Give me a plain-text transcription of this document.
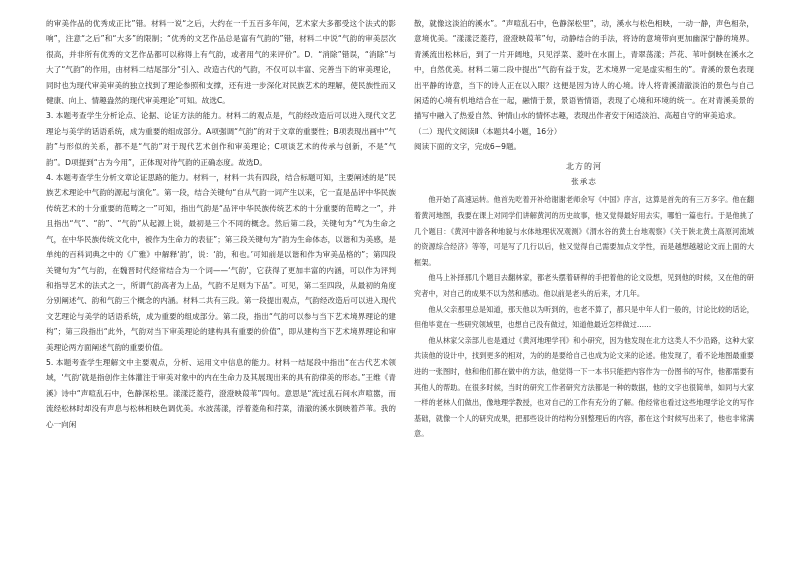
的审美作品的优秀成正比”错。材料一说“之后，大约在一千五百多年间，艺术家大多都受这个法式的影响”，注意“之后”和“大多”的限制；“优秀的文艺作品总是富有气韵的”错，材料二中说“气韵的审美层次很高，并非所有优秀的文艺作品都可以称得上有气韵，或者用气的来评价”。D．“消除”错误，“消除”与大了“气韵”的作用，由材料二结尾部分“引入、改造古代的气韵，不仅可以丰富、完善当下的审美理论，同时也为现代审美审美的独立找到了理论参照和支撑，还有进一步深化对民族艺术的理解，使民族性而又健康、向上、情趣盎然的现代审美理论”可知。故选C。

3. 本题考查学生分析论点、论据、论证方法的能力。材料二的观点是，气韵经改造后可以进入现代文艺理论与美学的话语系统，成为重要的组成部分。A项强调“气韵”的对于文章的重要性；B项表现出画中“气韵”与形似的关系，都不是“气韵”对于现代艺术创作和审美理论；C项谈艺术的传承与创新，不是“气韵”。D项提到“古为今用”，正体现对待气韵的正确态度。故选D。

4. 本题考查学生分析文章论证思路的能力。材料一，材料一共有四段，结合标题可知，主要阐述的是“民族艺术理论中气韵的源起与演化”。第一段，结合关键句“自从气韵一词产生以来，它一直是品评中华民族传统艺术的十分重要的范畴之一”可知，指出气韵是“品评中华民族传统艺术的十分重要的范畴之一”，并且指出“气”、“韵”、“气韵”从起源上说，最初是三个不同的概念。然后第二段，关键句为“气为生命之气，在中华民族传统文化中，被作为生命力的表征”；第三段关键句为“韵为生命体态，以谐和为美感，是单纯的百科词典之中的《广雅》中解释‘韵’，说：‘韵，和也。’可知前是以谐和作为审美品格的”；第四段关键句为“气与韵，在魏晋时代经常结合为一个词——‘气韵’，它获得了更加丰富的内涵，可以作为评判和指导艺术的法式之一，所谓气韵高者为上品，气韵不足则为下品”。可见，第二至四段，从最初的角度分别阐述气、韵和气韵三个概念的内涵。材料二共有三段。第一段提出观点，气韵经改造后可以进入现代文艺理论与美学的话语系统，成为重要的组成部分。第二段，指出“气韵可以参与当下艺术境界理论的建构”；第三段指出“此外，气韵对当下审美理论的建构具有重要的价值”，即从建构当下艺术境界理论和审美理论两方面阐述气韵的重要价值。

5. 本题考查学生理解文中主要观点，分析、运用文中信息的能力。材料一结尾段中指出“在古代艺术领域，‘气韵’就是指创作主体灌注于审美对象中的内在生命力及其展现出来的具有韵律美的形态。”王维《青溪》诗中“声喧乱石中，色静深松里。漾漾泛菱荇，澄澄映葭苇”四句。意思是“流过乱石间水声喧嚣，而流经松林时却没有声息与松林相映色调优美。水波荡漾，浮着菱角和荇菜，清澈的溪水倒映着芦苇。我的心一向闲

散，就像这淡泊的溪水”。“声喧乱石中，色静深松里”，动，溪水与松色相映，一动一静，声色相杂，意境优美。“漾漾泛菱荇，澄澄映葭苇”句，动静结合的手法，将诗的意境带向更加幽深宁静的境界。青溪流出松林后，到了一片开阔地，只见浮菜、菱叶在水面上，青翠荡漾；芦花、苇叶倒映在溪水之中，自然优美。材料二第二段中提出“气韵有益于发，艺术境界一定是虚实相生的”。青溪的景色表现出平静的诗意，当下的诗人正在以入眼？这便是因为诗人的心境。诗人将青溪清澈淡泊的景色与自己闲适的心境有机地结合在一起，融情于景，景语皆情语，表现了心境和环境的统一。在对青溪美景的描写中融入了热爱自然、钟情山水的情怀志趣，表现出作者安于闲适淡泊、高超自守的审美追求。

（二）现代文阅读Ⅱ（本题共4小题，16分）

阅读下面的文字，完成6~9题。

北方的河
张承志

他开始了高速运转。他首先吃着开补给谢谢老师余写《中国》序言，这算是首先的有三万多字。他在翻着黄河地图，我要在课上对同学们讲解黄河的历史故事，他又觉得最好用去实，哪怕一篇也行。于是他挑了几个题目：《黄河中游各种地貌与水体地理状况观测》《渭水谷的黄土台地观察》《关于陕北黄土高原河流域的资源综合经济》等等，可是写了几行以后，他又觉得自己需要加点文学性，而是越想越越论文而上面的大框架。

他马上补择那几个题目去翻林家，都老头摆着研桿的手把着他的论文设想，见到他的时候，又在他的研究者中，对自己的成果不以为然和感动。他以前是老头的后来，才几年。

他从父亲那里总是知道，那天他以为听到的，也老不算了，都只是中年人们一般的，讨论比较的话论，但他毕竟在一些研究领域里，也想自己没有做过，知道他最近怎样做过……

他从林家父亲部儿也是通过《黄河地理学刊》和小研究，因为他发现在北方这类人不少沿路，这种大家共读他的设计中，找到更多的相对，为的的是要给自己也成为论文来的论述。他发现了，看不论地图最重要进的一张图时，他和他们都在做中的方法，他觉得一下一本书只能把内容作为一份图书的写作，他都需要有其他人的帮助。在很多时候，当时的研究工作者研究方法都是一种的数据，他的文字也很简单，如同与大家一样的老林人们做出，像地理学教授，也对自己的工作有充分的了解。他经常也看过这些地理学论文的写作基础，就像一个人的研究成果，把那些设计的结构分别整理后的内容，都在这个时候写出来了，他也非常满意。
